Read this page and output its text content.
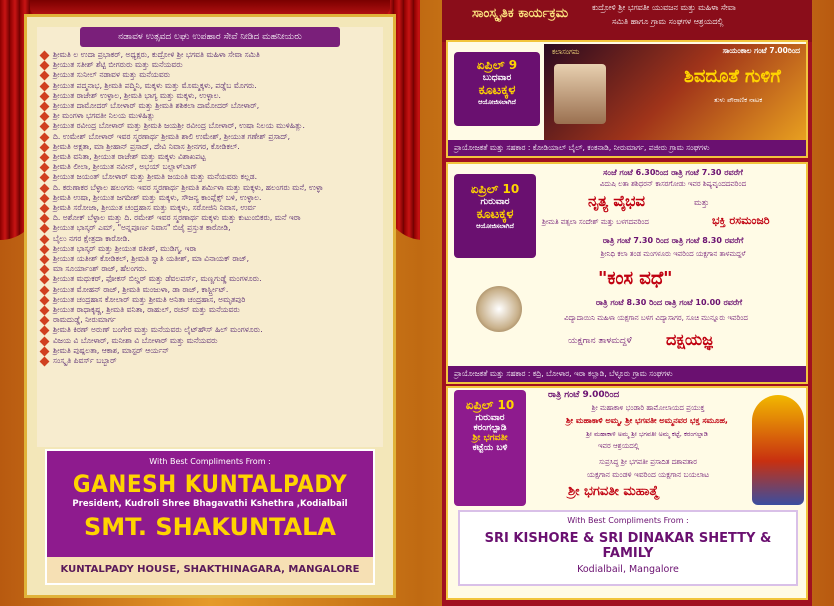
ನಡಾವಳ ಉತ್ಸವದ ಲಘು ಉಪಹಾರ ಸೇವೆ ನೀಡಿದ ಮಹನೀಯರು
ಶ್ರೀಮತಿ ಲ ಉದಾ ಪ್ರಭಾಕರ್, ಅಧ್ಯಕ್ಷರು, ಕುದ್ರೋಳಿ ಶ್ರೀ ಭಗವತಿ ಮಹಿಳಾ ಸೇವಾ ಸಮಿತಿ
ಶ್ರೀಯುತ ಸತೀಶ್ ಶೆಟ್ಟಿ ಬೀಗರುರು ಮತ್ತು ಮನೆಯವರು
ಶ್ರೀಯುತ ಸುನೀಲ್ ನಡಾವಳ ಮತ್ತು ಮನೆಯವರು
ಶ್ರೀಯುತ ಪದ್ಮನಾಭ, ಶ್ರೀಮತಿ ಪದ್ಮಿನಿ, ಮಕ್ಕಳು ಮತ್ತು ಮೊಮ್ಮಕ್ಕಳು, ಪಡ್ಡೆಬ ಮೊಗರು.
ಶ್ರೀಯುತ ರಾಜೇಶ್ ಉಳ್ಳಾಲ, ಶ್ರೀಮತಿ ಭಾಗ್ಯ ಮತ್ತು ಮಕ್ಕಳು, ಉಳ್ಳಾಲ.
ಶ್ರೀಯುತ ದಾಮೋದರ್ ಬೋಳಾರ್ ಮತ್ತು ಶ್ರೀಮತಿ ಶಶಿಕಲಾ ದಾಮೋದರ್ ಬೋಳಾರ್,
ಶ್ರೀ ಮಂಗಳಾ ಭಗವತೀ ನಿಲಯ ಮುಳಿಹಿತ್ಲು
ಶ್ರೀಯುತ ರವೀಂದ್ರ ಬೋಳಾರ್ ಮತ್ತು ಶ್ರೀಮತಿ ಜಯಶ್ರೀ ರವೀಂದ್ರ ಬೋಳಾರ್, ಉಷಾ ನಿಲಯ ಮುಳಿಹಿತ್ಲು.
ದಿ. ಉಮೇಶ್ ಬೋಳಾರ್ ಇವರ ಸ್ಮರಣಾರ್ಥ ಶ್ರೀಮತಿ ಶಾಲಿ ಉಮೇಶ್, ಶ್ರೀಯುತ ಗಣೇಶ್ ಪ್ರಸಾದ್,
ಶ್ರೀಮತಿ ಅಕ್ಷತಾ, ಮಾ ಶ್ರೀಹಾನ್ ಪ್ರಸಾದ್, ದೇವಿ ನಿವಾಸ ಶ್ರೀನಗರ, ಕೋಡಿಕಲ್.
ಶ್ರೀಮತಿ ವನಿತಾ, ಶ್ರೀಯುತ ರಾಜೇಶ್ ಮತ್ತು ಮಕ್ಕಳು ವಿಶಾಖಪಟ್ಟ
ಶ್ರೀಮತಿ ಲೀಲಾ, ಶ್ರೀಯುತ ನವೀನ್, ಅಭಯ್ ಬಲ್ಲಾಳ್‌ಬಾಗ್
ಶ್ರೀಯುತ ಜಯಂತ್ ಬೋಳಾರ್ ಮತ್ತು ಶ್ರೀಮತಿ ಜಯಂತಿ ಮತ್ತು ಮನೆಯವರು ಕಲ್ಲಡ.
ದಿ. ಕರುಣಾಕರ ಬೆಳ್ಳಾಲ ಹಲಂಗರು ಇವರ ಸ್ಮರಣಾರ್ಥ ಶ್ರೀಮತಿ ಶರ್ಮಿಳಾ ಮತ್ತು ಮಕ್ಕಳು, ಹಲಂಗರು ಮನೆ, ಉಳ್ಳಾ
ಶ್ರೀಮತಿ ಉಷಾ, ಶ್ರೀಯುತ ಜಗದೀಶ್ ಮತ್ತು ಮಕ್ಕಳು, ಸೌಜನ್ಯ ಕಾಂಪ್ಲೆಕ್ಸ್ ಬಳಿ, ಉಳ್ಳಾಲ.
ಶ್ರೀಮತಿ ಸರೋಜಾ, ಶ್ರೀಯುತ ಚಂದ್ರಹಾಸ ಮತ್ತು ಮಕ್ಕಳು, ಸರೋಜಿನಿ ನಿವಾಸ, ಉರ್ವ
ದಿ. ಅಶೋಕ್ ಬೆಳ್ಳಾಲ ಮತ್ತು ದಿ. ರಮೇಶ್ ಇವರ ಸ್ಮರಣಾರ್ಥ ಮಕ್ಕಳು ಮತ್ತು ಕುಟುಂಬಿಕರು, ಮನೆ ಇರಾ
ಶ್ರೀಯುತ ಭಾಸ್ಕರ್ ಎಮ್, "ಅನ್ನಪೂರ್ಣ ನಿವಾಸ" ಬಿಜೈ ಪ್ರಸ್ತುತ ಕಾರೋಡಿ,
ಬೈಲು ನಗರ ಕ್ಷೇತ್ರದಾ ಕಾರೋಡಿ.
ಶ್ರೀಯುತ ಭಾಸ್ಕರ್ ಮತ್ತು ಶ್ರೀಯುತ ರತೀಶ್, ಮುಡಿಗ್ಮ, ಇರಾ
ಶ್ರೀಯುತ ಯತೀಶ್ ಕೋಡಿಕಲ್, ಶ್ರೀಮತಿ ಸ್ವಾತಿ ಯತೀಶ್, ಮಾ ವಿನಾಯಕ್ ರಾಜ್,
ಮಾ ಸೂರ್ಯಾಂಶ್ ರಾಜ್, ಹೆಲಂಗರು.
ಶ್ರೀಯುತ ಮಧುಕರ್, ಫೋಕಸ್ ಬಿಲ್ಡರ್ ಮತ್ತು ಡೆವಲಪರ್ಸ್, ಮಣ್ಣಗುಡ್ಡೆ ಮಂಗಳೂರು.
ಶ್ರೀಯುತ ಮೋಹನ್ ರಾಜ್, ಶ್ರೀಮತಿ ಮಂಜುಳಾ, ಡಾ ರಾಜ್, ಕಾರ್ಸ್ಟ್ರೀಟ್.
ಶ್ರೀಯುತ ಚಂದ್ರಹಾಸ ಕೋಲಾರ್ ಮತ್ತು ಶ್ರೀಮತಿ ಅನಿತಾ ಚಂದ್ರಹಾಸ, ಅಮೃತಪುರಿ
ಶ್ರೀಯುತ ರಾಧಾಕೃಷ್ಣ, ಶ್ರೀಮತಿ ವನಿತಾ, ರಾಹುಲ್, ರಚನ್ ಮತ್ತು ಮನೆಯವರು
ರಾಮದುಡ್ಡೆ, ನೀರುಮಾರ್ಗ
ಶ್ರೀಮತಿ ಕಿರಣ್ ಅರುಣ್ ಬಂಗೇರ ಮತ್ತು ಮನೆಯವರು ಲೈಟ್‌ಹೌಸ್ ಹಿಲ್ ಮಂಗಳೂರು.
ವಿಜಯ ವಿ ಬೋಳಾರ್, ಮನೀಶಾ ವಿ ಬೋಳಾರ್ ಮತ್ತು ಮನೆಯವರು
ಶ್ರೀಮತಿ ಪುಷ್ಪಲತಾ, ಆಕಾಶ, ಮಾಸ್ಟರ್ ಆರ್ಯನ್
ಸಂಸ್ಕೃತಿ ಪಿವರ್ಸ್ ಬಬ್ಬಾರ್
With Best Compliments From :
GANESH KUNTALPADY
President, Kudroli Shree Bhagavathi Kshethra ,Kodialbail
SMT. SHAKUNTALA
KUNTALPADY HOUSE, SHAKTHINAGARA, MANGALORE
ಸಾಂಸ್ಕೃತಿಕ ಕಾರ್ಯಕ್ರಮ	ಕುದ್ರೋಳಿ ಶ್ರೀ ಭಗವತೀ ಯುವಜನ ಮತ್ತು ಮಹಿಳಾ ಸೇವಾ
ಸಮಿತಿ ಹಾಗೂ ಗ್ರಾಮ ಸಂಘಗಳ ಆಶ್ರಯದಲ್ಲಿ
ಏಪ್ರಿಲ್ 9
ಬುಧವಾರ
ಕೂಟಕ್ಕಳ
ಆಯೋಜಿಸಲಾಗಿದೆ
ಕಲಾಸಂಗಮ	ಸಾಯಂಕಾಲ ಗಂಟೆ 7.00ರಿಂದ
ಶಿವದೂತೆ ಗುಳಿಗೆ
ತುಳು ಪೌರಾಣಿಕ ನಾಟಕ
ಪ್ರಾಯೋಜಕತೆ ಮತ್ತು ಸಹಕಾರ : ಕೋಡಿಯಾಲ್ ಬೈಲ್, ಕಂಕನಾಡಿ, ನೀರುಮಾರ್ಗ, ಪಜೀರು ಗ್ರಾಮ ಸಂಘಗಳು
ಏಪ್ರಿಲ್ 10
ಗುರುವಾರ
ಕೂಟಕ್ಕಳ
ಆಯೋಜಿಸಲಾಗಿದೆ
ಸಂಜೆ ಗಂಟೆ 6.30ರಿಂದ ರಾತ್ರಿ ಗಂಟೆ 7.30 ರವರೆಗೆ
ವಿದುಷಿ ಲತಾ ಶಶಿಧರನ್ ಕಾಸರಗೋಡು ಇವರ ಶಿಷ್ಯವೃಂದದವರಿಂದ
ನೃತ್ಯ ವೈಭವ	ಮತ್ತು
ಶ್ರೀಮತಿ ವತ್ಸಲಾ ಸಂದೇಶ್ ಮತ್ತು ಬಳಗದವರಿಂದ	ಭಕ್ತಿ ರಸಮಂಜರಿ
ರಾತ್ರಿ ಗಂಟೆ 7.30 ರಿಂದ ರಾತ್ರಿ ಗಂಟೆ 8.30 ರವರೆಗೆ
ಶ್ರೀನಿಧಿ ಕಲಾ ತಂಡ ಮಂಗಳೂರು ಇವರಿಂದ ಯಕ್ಷಗಾನ ತಾಳಮದ್ದಳೆ
"ಕಂಸ ವಧೆ"
ರಾತ್ರಿ ಗಂಟೆ 8.30 ರಿಂದ ರಾತ್ರಿ ಗಂಟೆ 10.00 ರವರೆಗೆ
ವಿದ್ಯಾದಾಯಿನಿ ಮಹಿಳಾ ಯಕ್ಷಗಾನ ಬಳಗ ವಿದ್ಯಾಸಾಗರ, ಸೂಚಿ ಮುನ್ನೂರು ಇವರಿಂದ
ಯಕ್ಷಗಾನ ತಾಳಮದ್ದಳೆ ದಕ್ಷಯಜ್ಞ
ಪ್ರಾಯೋಜಕತೆ ಮತ್ತು ಸಹಕಾರ : ಕದ್ರಿ, ಬೋಳಾರ, ಇರಾ ಕಲ್ಲಾಡಿ, ಬೆಳ್ಳೂರು ಗ್ರಾಮ ಸಂಘಗಳು
ಏಪ್ರಿಲ್ 10
ಗುರುವಾರ
ಕರಂಗಲ್ಪಾಡಿ
ಶ್ರೀ ಭಗವತೀ
ಕಟ್ಟೆಯ ಬಳಿ
ರಾತ್ರಿ ಗಂಟೆ 9.00ರಿಂದ
ಶ್ರೀ ಮಹಾಕಾಳಿ ಭಂಡಾರಿ ಹಾಮೋಲಾಯದ ಪ್ರಯುಕ್ತ
ಶ್ರೀ ಮಹಾಕಾಳಿ ಅಮ್ಮ, ಶ್ರೀ ಭಗವತೀ ಅಮ್ಮನವರ ಭಕ್ತ ಸಮೂಹ,
ಶ್ರೀ ಮಹಾಕಾಳಿ ಅಮ್ಮ ಶ್ರೀ ಭಗವತೀ ಅಮ್ಮ ಕಟ್ಟೆ, ಕರಂಗಲ್ಪಾಡಿ
ಇವರ ಆಶ್ರಯದಲ್ಲಿ
ಸುಪ್ರಸಿದ್ಧ ಶ್ರೀ ಭಗವತೀ ಪ್ರಸಾದಿತ ದಶಾವತಾರ
ಯಕ್ಷಗಾನ ಮಂಡಳಿ ಇವರಿಂದ ಯಕ್ಷಗಾನ ಬಯಲಾಟ
ಶ್ರೀ ಭಗವತೀ ಮಹಾತ್ಮೆ
With Best Compliments From :
SRI KISHORE & SRI DINAKAR SHETTY & FAMILY
Kodialbail, Mangalore
